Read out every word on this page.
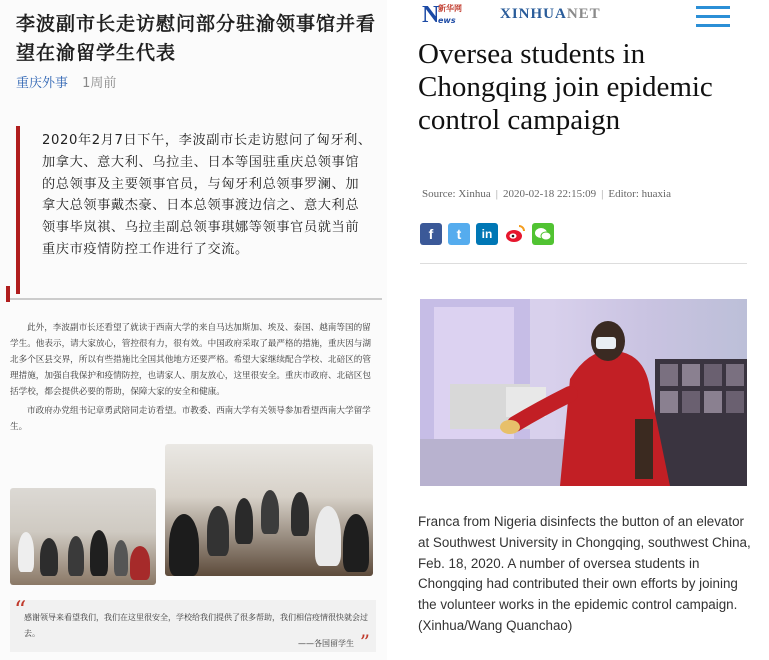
李波副市长走访慰问部分驻渝领事馆并看望在渝留学生代表
重庆外事 1周前
2020年2月7日下午，李波副市长走访慰问了匈牙利、加拿大、意大利、乌拉圭、日本等国驻重庆总领事馆的总领事及主要领事官员，与匈牙利总领事罗澜、加拿大总领事戴杰豪、日本总领事渡边信之、意大利总领事毕岚祺、乌拉圭副总领事琪娜等领事官员就当前重庆市疫情防控工作进行了交流。
此外，李波副市长还看望了就读于西南大学的来自马达加斯加、埃及、泰国、越南等国的留学生。他表示，请大家放心，管控很有力，很有效。中国政府采取了最严格的措施，重庆因与湖北多个区县交界，所以有些措施比全国其他地方还要严格。希望大家继续配合学校、北碚区的管理措施，加强自我保护和疫情防控，也请家人、朋友放心，这里很安全。重庆市政府、北碚区包括学校，都会提供必要的帮助，保障大家的安全和健康。
市政府办党组书记章勇武陪同走访看望。市教委、西南大学有关领导参加看望西南大学留学生。
“
感谢领导来看望我们，我们在这里很安全，学校给我们提供了很多帮助，我们相信疫情很快就会过去。
——各国留学生 ”
N
新华网
ews	XINHUANET
Oversea students in Chongqing join epidemic control campaign
Source: Xinhua | 2020-02-18 22:15:09 | Editor: huaxia
f	t	in
Franca from Nigeria disinfects the button of an elevator at Southwest University in Chongqing, southwest China, Feb. 18, 2020. A number of oversea students in Chongqing had contributed their own efforts by joining the volunteer works in the epidemic control campaign. (Xinhua/Wang Quanchao)
